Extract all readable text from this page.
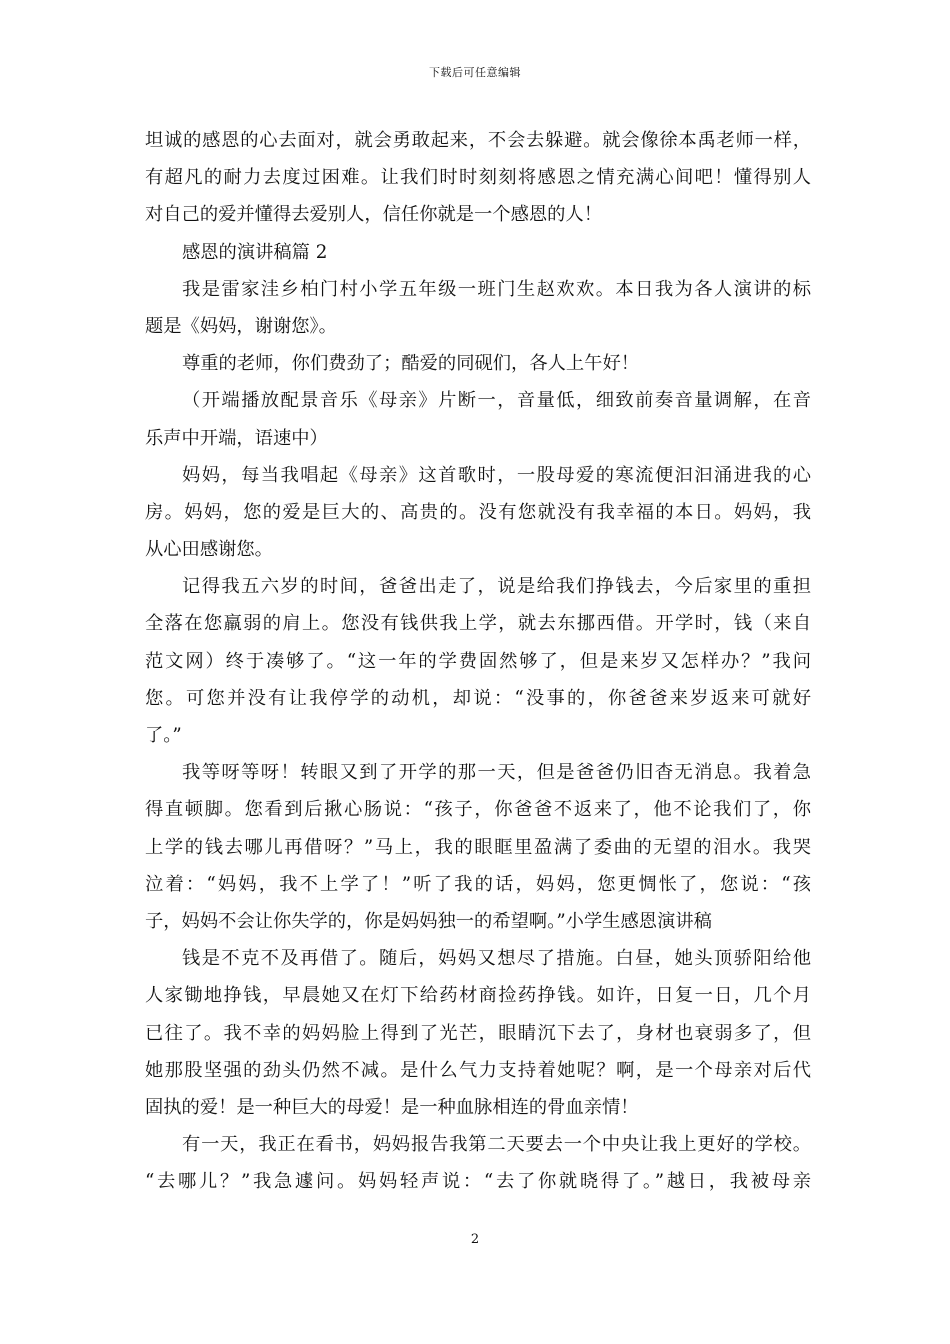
下载后可任意编辑
坦诚的感恩的心去面对，就会勇敢起来，不会去躲避。就会像徐本禹老师一样，
有超凡的耐力去度过困难。让我们时时刻刻将感恩之情充满心间吧！懂得别人
对自己的爱并懂得去爱别人，信任你就是一个感恩的人！
感恩的演讲稿篇 2
我是雷家洼乡柏门村小学五年级一班门生赵欢欢。本日我为各人演讲的标
题是《妈妈，谢谢您》。
尊重的老师，你们费劲了；酷爱的同砚们，各人上午好！
（开端播放配景音乐《母亲》片断一，音量低，细致前奏音量调解，在音
乐声中开端，语速中）
妈妈，每当我唱起《母亲》这首歌时，一股母爱的寒流便汩汩涌进我的心
房。妈妈，您的爱是巨大的、高贵的。没有您就没有我幸福的本日。妈妈，我
从心田感谢您。
记得我五六岁的时间，爸爸出走了，说是给我们挣钱去，今后家里的重担
全落在您羸弱的肩上。您没有钱供我上学，就去东挪西借。开学时，钱（来自
范文网）终于凑够了。“这一年的学费固然够了，但是来岁又怎样办？”我问
您。可您并没有让我停学的动机，却说：“没事的，你爸爸来岁返来可就好
了。”
我等呀等呀！转眼又到了开学的那一天，但是爸爸仍旧杳无消息。我着急
得直顿脚。您看到后揪心肠说：“孩子，你爸爸不返来了，他不论我们了，你
上学的钱去哪儿再借呀？”马上，我的眼眶里盈满了委曲的无望的泪水。我哭
泣着：“妈妈，我不上学了！”听了我的话，妈妈，您更惆怅了，您说：“孩
子，妈妈不会让你失学的，你是妈妈独一的希望啊。”小学生感恩演讲稿
钱是不克不及再借了。随后，妈妈又想尽了措施。白昼，她头顶骄阳给他
人家锄地挣钱，早晨她又在灯下给药材商捡药挣钱。如许，日复一日，几个月
已往了。我不幸的妈妈脸上得到了光芒，眼睛沉下去了，身材也衰弱多了，但
她那股坚强的劲头仍然不减。是什么气力支持着她呢？啊，是一个母亲对后代
固执的爱！是一种巨大的母爱！是一种血脉相连的骨血亲情！
有一天，我正在看书，妈妈报告我第二天要去一个中央让我上更好的学校。
“去哪儿？”我急遽问。妈妈轻声说：“去了你就晓得了。”越日，我被母亲
2
